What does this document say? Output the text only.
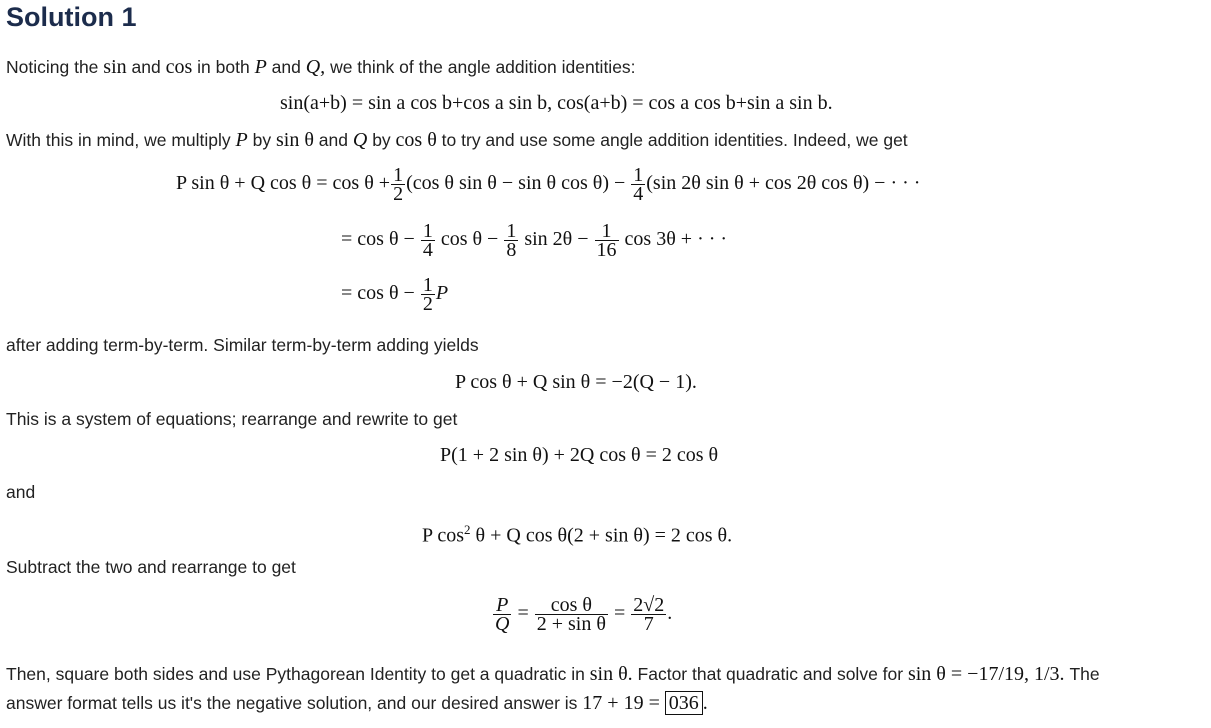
Solution 1
Noticing the sin and cos in both P and Q, we think of the angle addition identities:
sin(a+b) = sin a cos b+cos a sin b, cos(a+b) = cos a cos b+sin a sin b.
With this in mind, we multiply P by sin θ and Q by cos θ to try and use some angle addition identities. Indeed, we get
P sin θ + Q $\cos \theta = \cos \theta + \frac{1}{2} (\cos$ θ sin θ − sin θ $\cos \theta) - \frac{1}{4} (\sin$ 2θ sin θ + cos 2θ cos θ) − · · ·
= $\cos \theta - \frac{1}{4}$ $\cos \theta - \frac{1}{8}$ $\sin 2\theta - \frac{1}{16}$ cos 3θ + · · ·
= $\cos \theta - \frac{1}{2}$ P
after adding term-by-term. Similar term-by-term adding yields
P cos θ + Q sin θ = −2(Q − 1).
This is a system of equations; rearrange and rewrite to get
P(1 + 2 sin θ) + 2Q cos θ = 2 cos θ
and
P $\cos^2 \theta + Q$ cos θ(2 + sin θ) = 2 cos θ.
Subtract the two and rearrange to get
$\frac{P}{Q} = \frac{\text{cos θ}}{\text{2 + sin θ}} = \frac{2√2}{7}$ .
Then, square both sides and use Pythagorean Identity to get a quadratic in sin θ. Factor that quadratic and solve for sin θ = −17/19, 1/3. The
answer format tells us it's the negative solution, and our desired answer is 17 + 19 = 036 .
